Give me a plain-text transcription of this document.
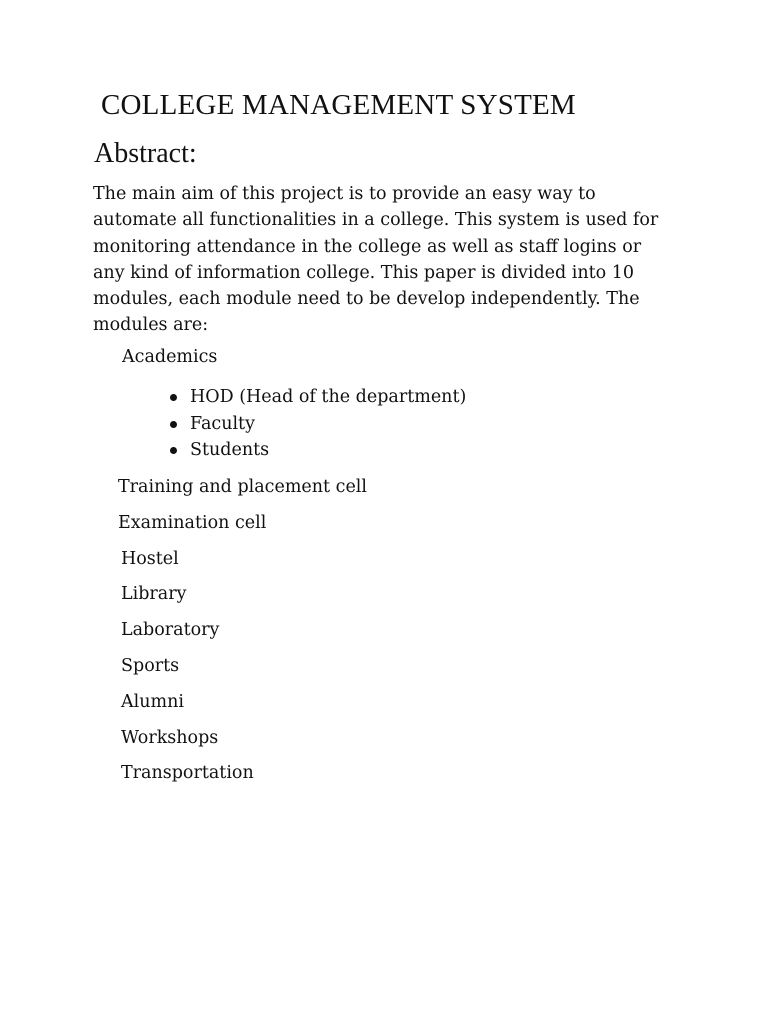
COLLEGE MANAGEMENT SYSTEM
Abstract:

The main aim of this project is to provide an easy way to
automate all functionalities in a college. This system is used for
monitoring attendance in the college as well as staff logins or
any kind of information college. This paper is divided into 10
modules, each module need to be develop independently. The
modules are:

Academics
HOD (Head of the department)
Faculty
Students
Training and placement cell
Examination cell
Hostel
Library
Laboratory
Sports
Alumni
Workshops
Transportation
